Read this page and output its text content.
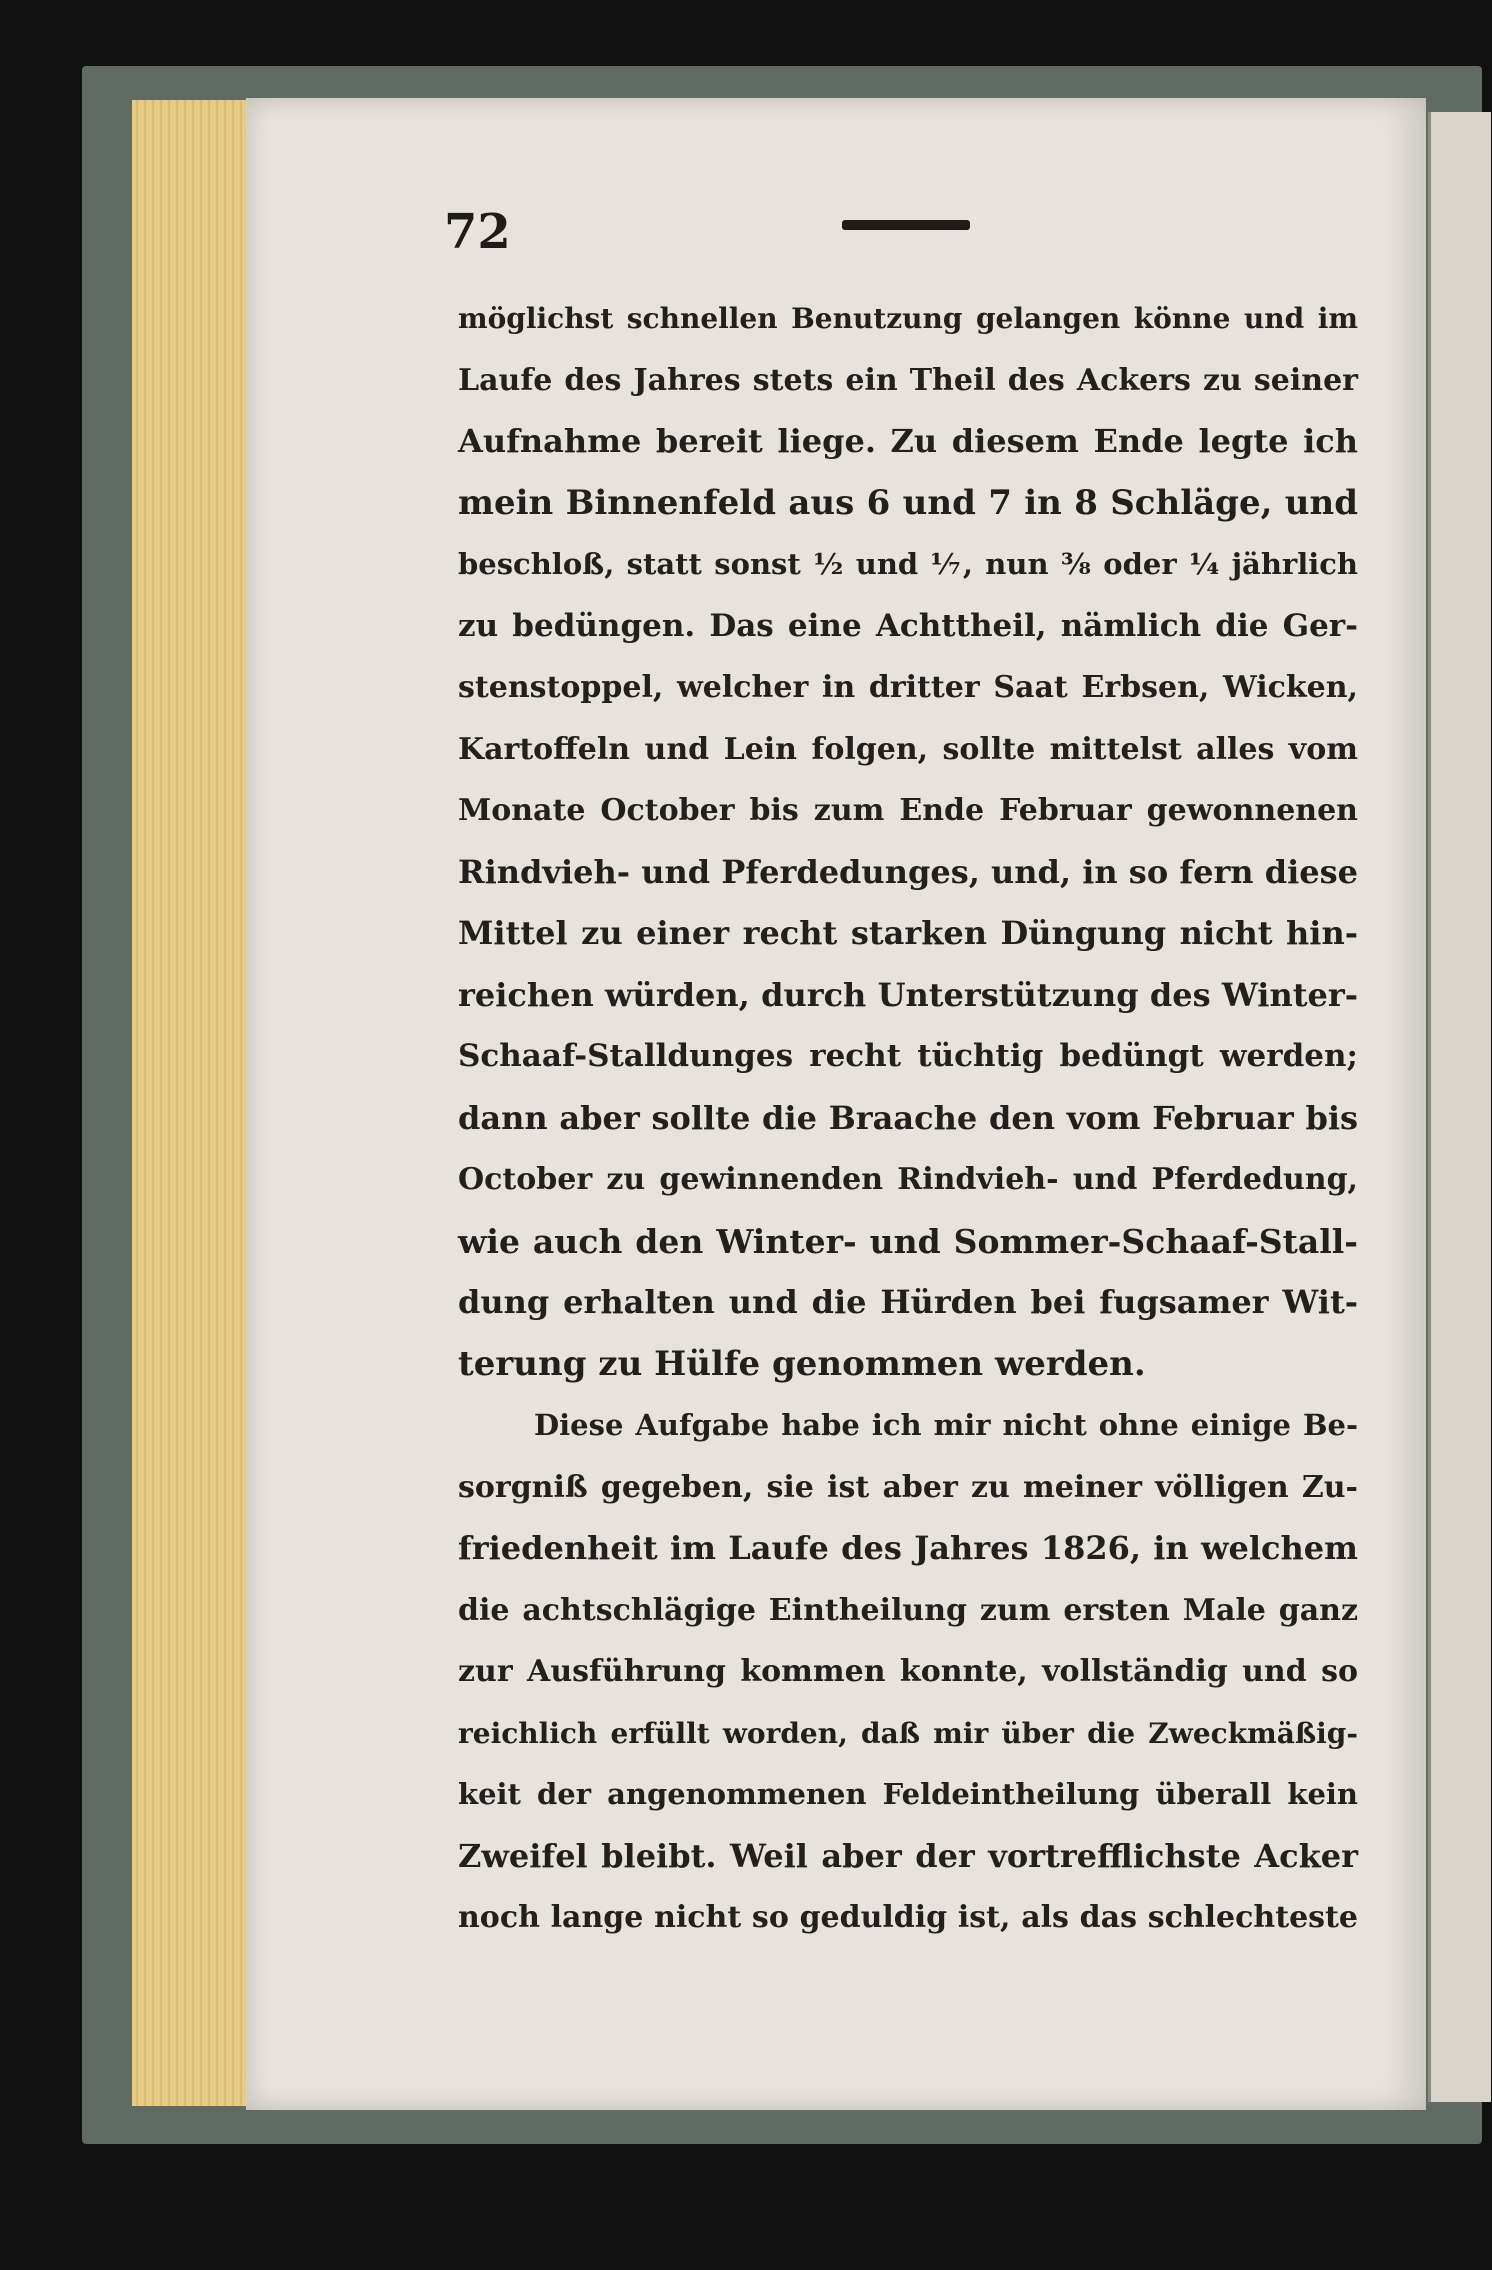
72
möglichst schnellen Benutzung gelangen könne und im
Laufe des Jahres stets ein Theil des Ackers zu seiner
Aufnahme bereit liege. Zu diesem Ende legte ich
mein Binnenfeld aus 6 und 7 in 8 Schläge, und
beschloß, statt sonst ½ und ⅐, nun ⅜ oder ¼ jährlich
zu bedüngen. Das eine Achttheil, nämlich die Ger-
stenstoppel, welcher in dritter Saat Erbsen, Wicken,
Kartoffeln und Lein folgen, sollte mittelst alles vom
Monate October bis zum Ende Februar gewonnenen
Rindvieh- und Pferdedunges, und, in so fern diese
Mittel zu einer recht starken Düngung nicht hin-
reichen würden, durch Unterstützung des Winter-
Schaaf-Stalldunges recht tüchtig bedüngt werden;
dann aber sollte die Braache den vom Februar bis
October zu gewinnenden Rindvieh- und Pferdedung,
wie auch den Winter- und Sommer-Schaaf-Stall-
dung erhalten und die Hürden bei fugsamer Wit-
terung zu Hülfe genommen werden.
Diese Aufgabe habe ich mir nicht ohne einige Be-
sorgniß gegeben, sie ist aber zu meiner völligen Zu-
friedenheit im Laufe des Jahres 1826, in welchem
die achtschlägige Eintheilung zum ersten Male ganz
zur Ausführung kommen konnte, vollständig und so
reichlich erfüllt worden, daß mir über die Zweckmäßig-
keit der angenommenen Feldeintheilung überall kein
Zweifel bleibt. Weil aber der vortrefflichste Acker
noch lange nicht so geduldig ist, als das schlechteste
